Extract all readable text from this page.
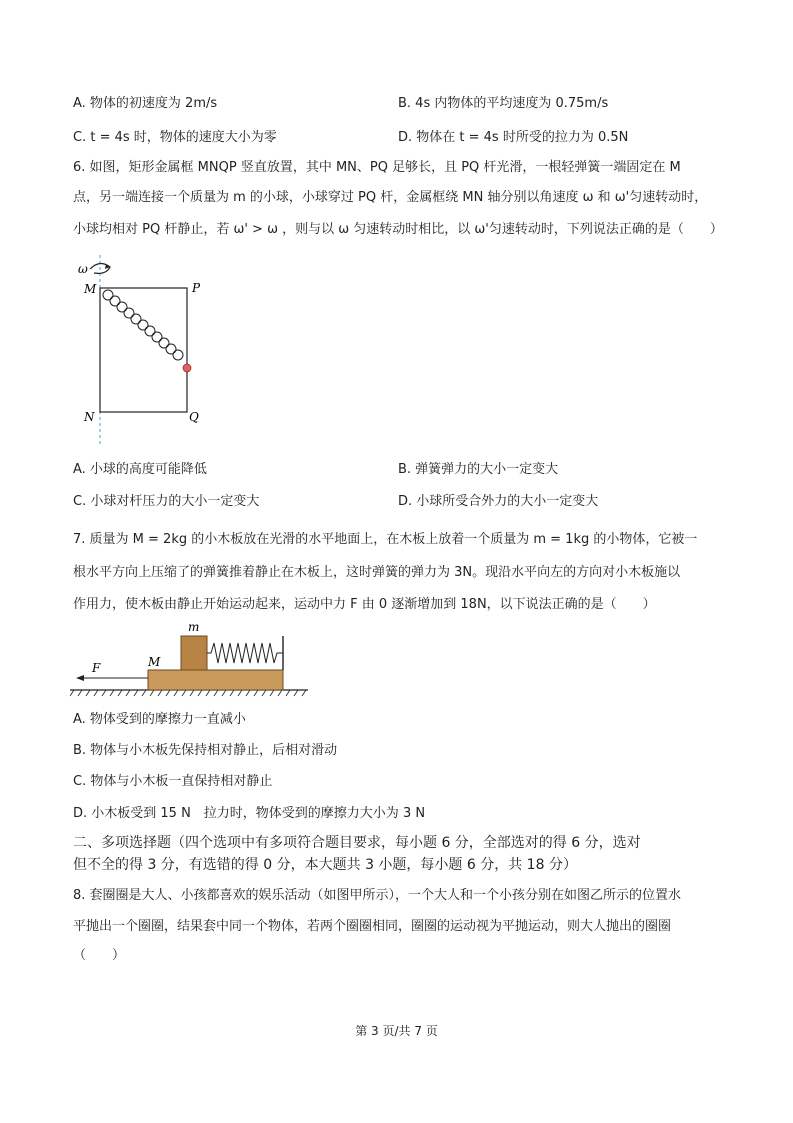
A. 物体的初速度为 2m/s	B. 4s 内物体的平均速度为 0.75m/s
C. t = 4s 时，物体的速度大小为零	D. 物体在 t = 4s 时所受的拉力为 0.5N
6. 如图，矩形金属框 MNQP 竖直放置，其中 MN、PQ 足够长，且 PQ 杆光滑，一根轻弹簧一端固定在 M
点，另一端连接一个质量为 m 的小球，小球穿过 PQ 杆，金属框绕 MN 轴分别以角速度 ω 和 ω'匀速转动时，
小球均相对 PQ 杆静止，若 ω' > ω ，则与以 ω 匀速转动时相比，以 ω'匀速转动时，下列说法正确的是（　　）
ω
M	P
N	Q
A. 小球的高度可能降低	B. 弹簧弹力的大小一定变大
C. 小球对杆压力的大小一定变大	D. 小球所受合外力的大小一定变大
7. 质量为 M = 2kg 的小木板放在光滑的水平地面上，在木板上放着一个质量为 m = 1kg 的小物体，它被一
根水平方向上压缩了的弹簧推着静止在木板上，这时弹簧的弹力为 3N。现沿水平向左的方向对小木板施以
作用力，使木板由静止开始运动起来，运动中力 F 由 0 逐渐增加到 18N，以下说法正确的是（　　）
F	M
m
A. 物体受到的摩擦力一直减小
B. 物体与小木板先保持相对静止，后相对滑动
C. 物体与小木板一直保持相对静止
D. 小木板受到 15 N　拉力时，物体受到的摩擦力大小为 3 N
二、多项选择题（四个选项中有多项符合题目要求，每小题 6 分，全部选对的得 6 分，选对
但不全的得 3 分，有选错的得 0 分，本大题共 3 小题，每小题 6 分，共 18 分）
8. 套圈圈是大人、小孩都喜欢的娱乐活动（如图甲所示），一个大人和一个小孩分别在如图乙所示的位置水
平抛出一个圈圈，结果套中同一个物体，若两个圈圈相同，圈圈的运动视为平抛运动，则大人抛出的圈圈
（　　）
第 3 页/共 7 页
